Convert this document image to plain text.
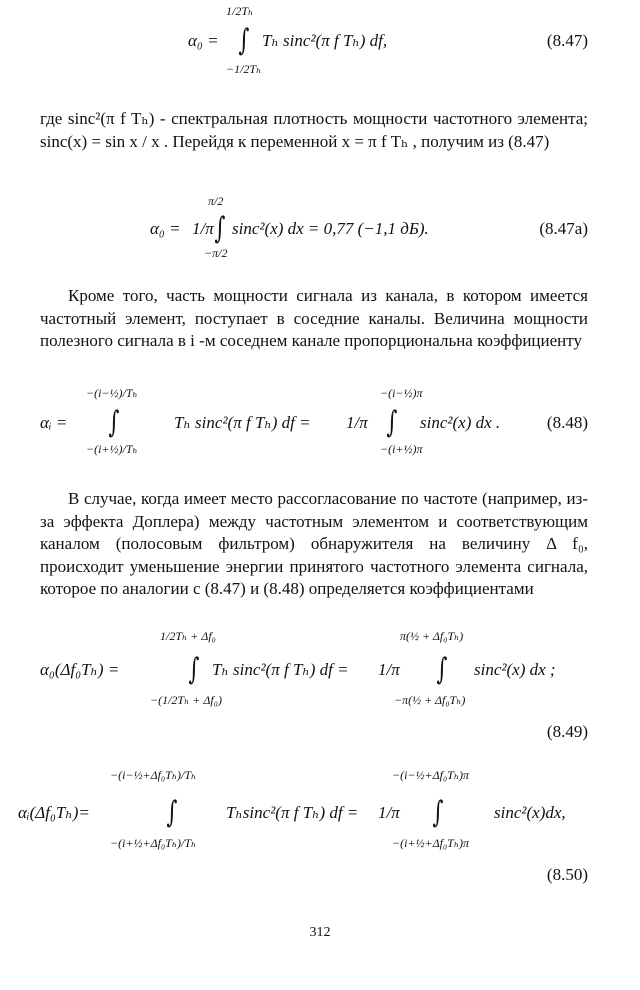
1/2Tₕ
α₀ = ∫ Tₕ sinc²(π f Tₕ) df,
−1/2Tₕ
(8.47)

где sinc²(π f Tₕ) - спектральная плотность мощности частотного элемента; sinc(x) = sin x / x . Перейдя к переменной x = π f Tₕ , получим из (8.47)

π/2
α₀ = 1/π ∫ sinc²(x) dx = 0,77 (−1,1 дБ).
−π/2
(8.47а)

Кроме того, часть мощности сигнала из канала, в котором имеется частотный элемент, поступает в соседние каналы. Величина мощности полезного сигнала в i -м соседнем канале пропорциональна коэффициенту

−(i−½)/Tₕ
αᵢ = ∫
−(i+½)/Tₕ
Tₕ sinc²(π f Tₕ) df = 1/π
−(i−½)π
∫
−(i+½)π
sinc²(x) dx .	(8.48)

В случае, когда имеет место рассогласование по частоте (например, из-за эффекта Доплера) между частотным элементом и соответствующим каналом (полосовым фильтром) обнаружителя на величину Δ f₀, происходит уменьшение энергии принятого частотного элемента сигнала, которое по аналогии с (8.47) и (8.48) определяется коэффициентами

1/2Tₕ + Δf₀
α₀(Δf₀Tₕ) = ∫
−(1/2Tₕ + Δf₀)
Tₕ sinc²(π f Tₕ) df = 1/π
π(½ + Δf₀Tₕ)
∫
−π(½ + Δf₀Tₕ)
sinc²(x) dx ;
(8.49)
−(i−½+Δf₀Tₕ)/Tₕ
αᵢ(Δf₀Tₕ)=	∫
−(i+½+Δf₀Tₕ)/Tₕ
Tₕsinc²(π f Tₕ) df = 1/π
−(i−½+Δf₀Tₕ)π
∫
−(i+½+Δf₀Tₕ)π
sinc²(x)dx,
(8.50)
312
